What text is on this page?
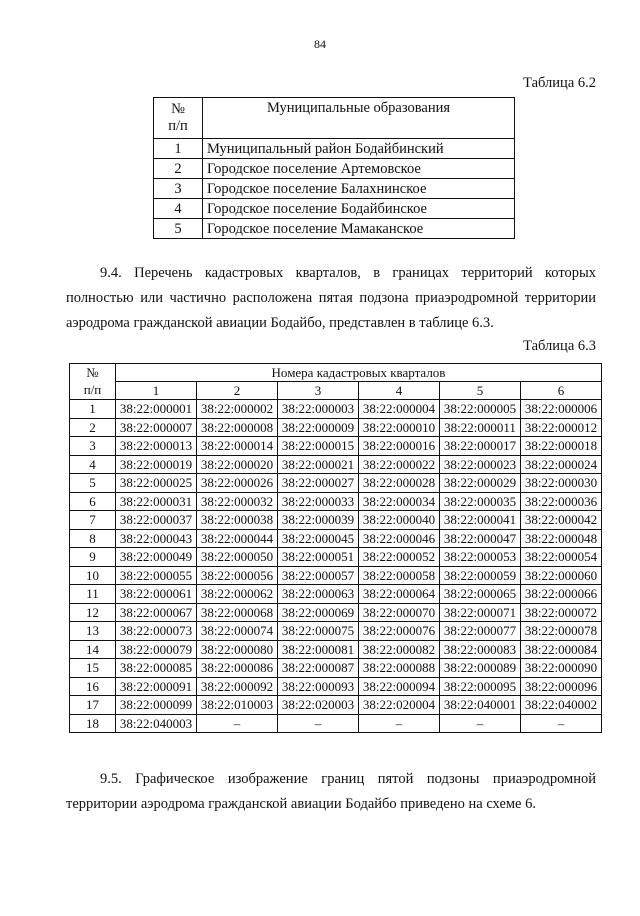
84
Таблица 6.2
№
п/п	Муниципальные образования
1	Муниципальный район Бодайбинский
2	Городское поселение Артемовское
3	Городское поселение Балахнинское
4	Городское поселение Бодайбинское
5	Городское поселение Мамаканское
9.4. Перечень кадастровых кварталов, в границах территорий которых полностью или частично расположена пятая подзона приаэродромной территории аэродрома гражданской авиации Бодайбо, представлен в таблице 6.3.
Таблица 6.3
№
п/п	Номера кадастровых кварталов					
	1	2	3	4	5	6
1	38:22:000001	38:22:000002	38:22:000003	38:22:000004	38:22:000005	38:22:000006
2	38:22:000007	38:22:000008	38:22:000009	38:22:000010	38:22:000011	38:22:000012
3	38:22:000013	38:22:000014	38:22:000015	38:22:000016	38:22:000017	38:22:000018
4	38:22:000019	38:22:000020	38:22:000021	38:22:000022	38:22:000023	38:22:000024
5	38:22:000025	38:22:000026	38:22:000027	38:22:000028	38:22:000029	38:22:000030
6	38:22:000031	38:22:000032	38:22:000033	38:22:000034	38:22:000035	38:22:000036
7	38:22:000037	38:22:000038	38:22:000039	38:22:000040	38:22:000041	38:22:000042
8	38:22:000043	38:22:000044	38:22:000045	38:22:000046	38:22:000047	38:22:000048
9	38:22:000049	38:22:000050	38:22:000051	38:22:000052	38:22:000053	38:22:000054
10	38:22:000055	38:22:000056	38:22:000057	38:22:000058	38:22:000059	38:22:000060
11	38:22:000061	38:22:000062	38:22:000063	38:22:000064	38:22:000065	38:22:000066
12	38:22:000067	38:22:000068	38:22:000069	38:22:000070	38:22:000071	38:22:000072
13	38:22:000073	38:22:000074	38:22:000075	38:22:000076	38:22:000077	38:22:000078
14	38:22:000079	38:22:000080	38:22:000081	38:22:000082	38:22:000083	38:22:000084
15	38:22:000085	38:22:000086	38:22:000087	38:22:000088	38:22:000089	38:22:000090
16	38:22:000091	38:22:000092	38:22:000093	38:22:000094	38:22:000095	38:22:000096
17	38:22:000099	38:22:010003	38:22:020003	38:22:020004	38:22:040001	38:22:040002
18	38:22:040003	–	–	–	–	–
9.5. Графическое изображение границ пятой подзоны приаэродромной территории аэродрома гражданской авиации Бодайбо приведено на схеме 6.
